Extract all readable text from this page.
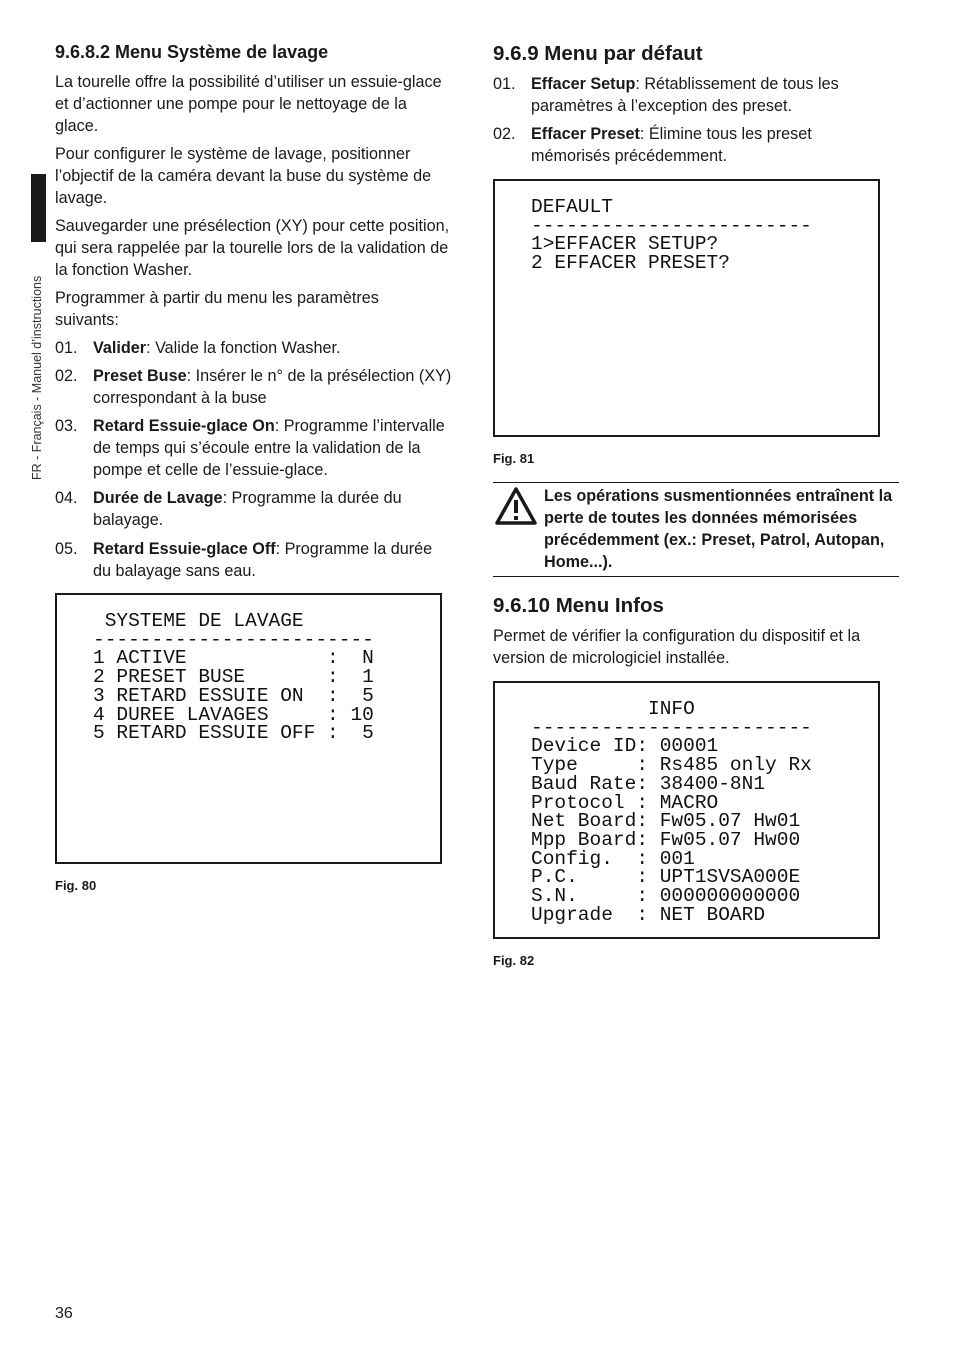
FR - Français - Manuel d’instructions
9.6.8.2 Menu Système de lavage

La tourelle offre la possibilité d’utiliser un essuie-glace et d’actionner une pompe pour le nettoyage de la glace.

Pour configurer le système de lavage, positionner l’objectif de la caméra devant la buse du système de lavage.

Sauvegarder une présélection (XY) pour cette position, qui sera rappelée par la tourelle lors de la validation de la fonction Washer.

Programmer à partir du menu les paramètres suivants:

01. Valider: Valide la fonction Washer.
02. Preset Buse: Insérer le n° de la présélection (XY) correspondant à la buse
03. Retard Essuie-glace On: Programme l’intervalle de temps qui s’écoule entre la validation de la pompe et celle de l’essuie-glace.
04. Durée de Lavage: Programme la durée du balayage.
05. Retard Essuie-glace Off: Programme la durée du balayage sans eau.
SYSTEME DE LAVAGE
------------------------
1 ACTIVE            :  N
2 PRESET BUSE       :  1
3 RETARD ESSUIE ON  :  5
4 DUREE LAVAGES     : 10
5 RETARD ESSUIE OFF :  5
Fig. 80
9.6.9 Menu par défaut
01. Effacer Setup: Rétablissement de tous les paramètres à l’exception des preset.
02. Effacer Preset: Élimine tous les preset mémorisés précédemment.
DEFAULT
------------------------
1>EFFACER SETUP?
2 EFFACER PRESET?
Fig. 81
Les opérations susmentionnées entraînent la perte de toutes les données mémorisées précédemment (ex.: Preset, Patrol, Autopan, Home...).
9.6.10 Menu Infos

Permet de vérifier la configuration du dispositif et la version de micrologiciel installée.

INFO
------------------------
Device ID: 00001
Type     : Rs485 only Rx
Baud Rate: 38400-8N1
Protocol : MACRO
Net Board: Fw05.07 Hw01
Mpp Board: Fw05.07 Hw00
Config.  : 001
P.C.     : UPT1SVSA000E
S.N.     : 000000000000
Upgrade  : NET BOARD
Fig. 82
36
